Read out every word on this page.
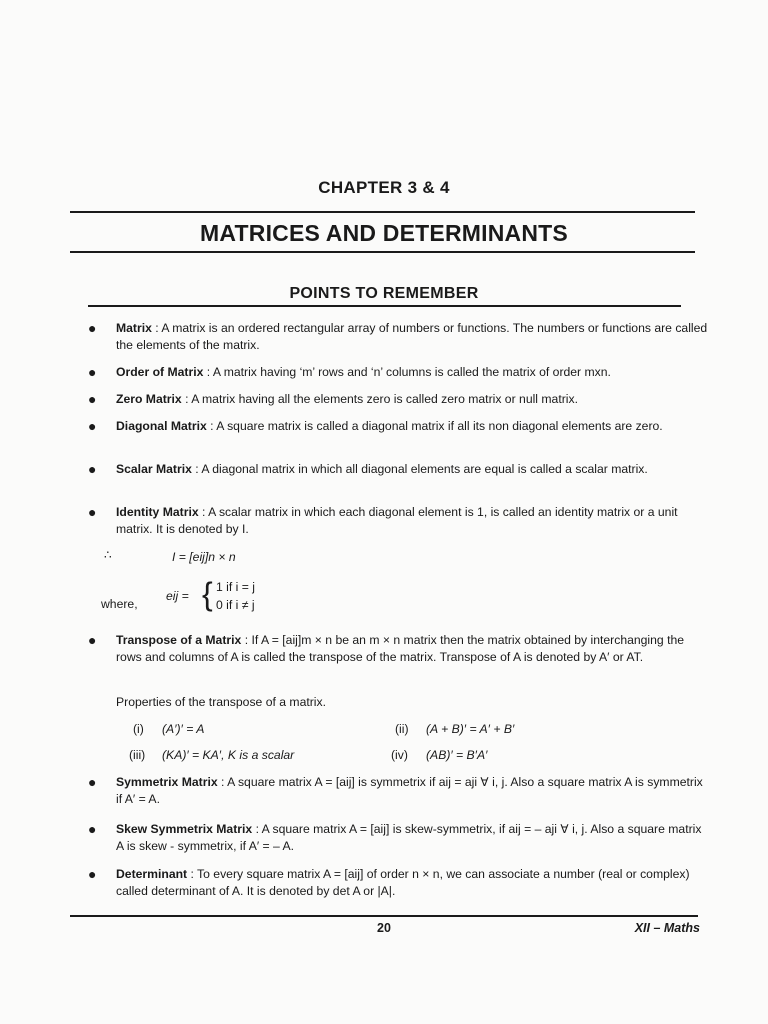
CHAPTER 3 & 4
MATRICES AND DETERMINANTS
POINTS TO REMEMBER
● Matrix : A matrix is an ordered rectangular array of numbers or functions. The numbers or functions are called the elements of the matrix.
● Order of Matrix : A matrix having ‘m’ rows and ‘n’ columns is called the matrix of order mxn.
● Zero Matrix : A matrix having all the elements zero is called zero matrix or null matrix.
● Diagonal Matrix : A square matrix is called a diagonal matrix if all its non diagonal elements are zero.
● Scalar Matrix : A diagonal matrix in which all diagonal elements are equal is called a scalar matrix.
● Identity Matrix : A scalar matrix in which each diagonal element is 1, is called an identity matrix or a unit matrix. It is denoted by I.
∴	I = [eij]n × n
where,
eij = { 1 if i = j
0 if i ≠ j
● Transpose of a Matrix : If A = [aij]m × n be an m × n matrix then the matrix obtained by interchanging the rows and columns of A is called the transpose of the matrix. Transpose of A is denoted by A′ or AT.
Properties of the transpose of a matrix.
(i) (A′)′ = A	(ii) (A + B)′ = A′ + B′
(iii) (KA)′ = KA′, K is a scalar	(iv) (AB)′ = B′A′
● Symmetrix Matrix : A square matrix A = [aij] is symmetrix if aij = aji ∀ i, j. Also a square matrix A is symmetrix if A′ = A.
● Skew Symmetrix Matrix : A square matrix A = [aij] is skew-symmetrix, if aij = – aji ∀ i, j. Also a square matrix A is skew - symmetrix, if A′ = – A.
● Determinant : To every square matrix A = [aij] of order n × n, we can associate a number (real or complex) called determinant of A. It is denoted by det A or |A|.
20	XII – Maths
